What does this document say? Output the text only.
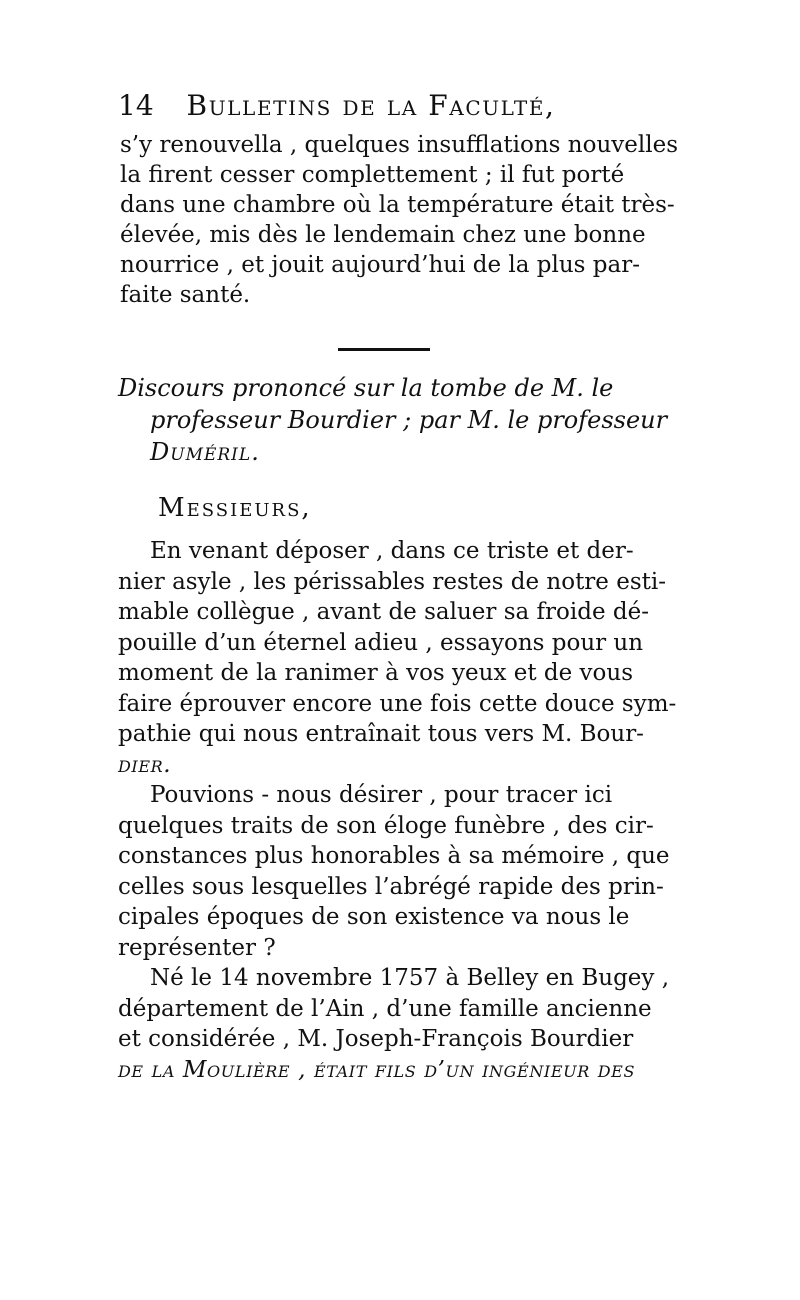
14 Bulletins de la Faculté,
s’y renouvella , quelques insufflations nouvelles
la firent cesser complettement ; il fut porté
dans une chambre où la température était très-
élevée, mis dès le lendemain chez une bonne
nourrice , et jouit aujourd’hui de la plus par-
faite santé.
Discours prononcé sur la tombe de M. le
professeur Bourdier ; par M. le professeur
Duméril.
Messieurs,
En venant déposer , dans ce triste et der-
nier asyle , les périssables restes de notre esti-
mable collègue , avant de saluer sa froide dé-
pouille d’un éternel adieu , essayons pour un
moment de la ranimer à vos yeux et de vous
faire éprouver encore une fois cette douce sym-
pathie qui nous entraînait tous vers M. Bour-
dier.
Pouvions - nous désirer , pour tracer ici
quelques traits de son éloge funèbre , des cir-
constances plus honorables à sa mémoire , que
celles sous lesquelles l’abrégé rapide des prin-
cipales époques de son existence va nous le
représenter ?
Né le 14 novembre 1757 à Belley en Bugey ,
département de l’Ain , d’une famille ancienne
et considérée , M. Joseph-François Bourdier
de la Moulière , était fils d’un ingénieur des
